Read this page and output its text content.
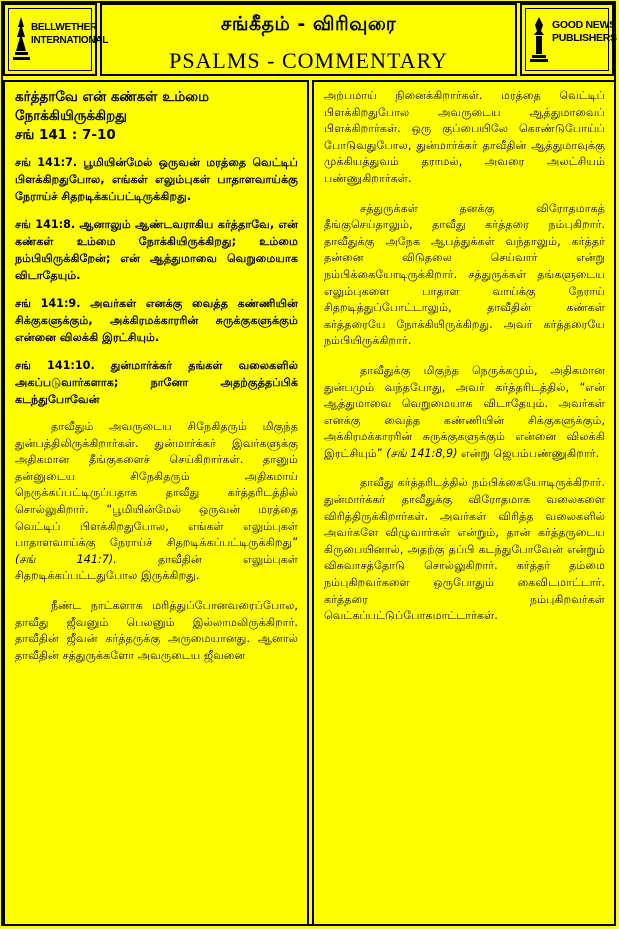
BELLWETHER
INTERNATIONAL
சங்கீதம் - விரிவுரை
PSALMS - COMMENTARY
GOOD NEWS
PUBLISHERS
கர்த்தாவே என் கண்கள் உம்மை
நோக்கியிருக்கிறது
சங் 141 : 7-10
சங் 141:7. பூமியின்மேல் ஒருவன் மரத்தை வெட்டிப் பிளக்கிறதுபோல, எங்கள் எலும்புகள் பாதாளவாய்க்கு நேராய்ச் சிதறடிக்கப்பட்டிருக்கிறது.
சங் 141:8. ஆனாலும் ஆண்டவராகிய கர்த்தாவே, என் கண்கள் உம்மை நோக்கியிருக்கிறது; உம்மை நம்பியிருக்கிறேன்; என் ஆத்துமாவை வெறுமையாக விடாதேயும்.
சங் 141:9. அவர்கள் எனக்கு வைத்த கண்ணியின் சிக்குகளுக்கும், அக்கிரமக்காரரின் சுருக்குகளுக்கும் என்னை விலக்கி இரட்சியும்.
சங் 141:10. துன்மார்க்கர் தங்கள் வலைகளில் அகப்படுவார்களாக; நானோ அதற்குத்தப்பிக் கடந்துபோவேன்

தாவீதும் அவருடைய சிநேகிதரும் மிகுந்த துன்பத்திலிருக்கிறார்கள். துன்மார்க்கர் இவர்களுக்கு அதிகமான தீங்குகளைச் செய்கிறார்கள். தானும் தன்னுடைய சிநேகிதரும் அதிகமாய் நெருக்கப்பட்டிருப்பதாக தாவீது கர்த்தரிடத்தில் சொல்லுகிறார். “பூமியின்மேல் ஒருவன் மரத்தை வெட்டிப் பிளக்கிறதுபோல, எங்கள் எலும்புகள் பாதாளவாய்க்கு நேராய்ச் சிதறடிக்கப்பட்டிருக்கிறது” (சங் 141:7).	தாவீதின் எலும்புகள் சிதறடிக்கப்பட்டதுபோல இருக்கிறது.

நீண்ட நாட்களாக மரித்துப்போனவரைப்போல, தாவீது ஜீவனும் பெலனும் இல்லாமலிருக்கிறார். தாவீதின் ஜீவன் கர்த்தருக்கு அருமையானது. ஆனால் தாவீதின் சத்துருக்களோ அவருடைய ஜீவனை

அற்பமாய் நினைக்கிறார்கள். மரத்தை வெட்டிப் பிளக்கிறதுபோல அவருடைய ஆத்துமாவைப் பிளக்கிறார்கள். ஒரு குப்பையிலே கொண்டுபோய்ப் போடுவதுபோல, துன்மார்க்கர் தாவீதின் ஆத்துமாவுக்கு முக்கியத்துவம் தராமல், அவரை அலட்சியம் பண்ணுகிறார்கள்.

சத்துருக்கள் தனக்கு விரோதமாகத் தீங்குசெய்தாலும், தாவீது கர்த்தரை நம்புகிறார். தாவீதுக்கு அநேக ஆபத்துக்கள் வந்தாலும், கர்த்தர் தன்னை விடுதலை செய்வார் என்று நம்பிக்கையோடிருக்கிறார். சத்துருக்கள் தங்களுடைய எலும்புகளை பாதாள வாய்க்கு நேராய் சிதறடித்துப்போட்டாலும், தாவீதின் கண்கள் கர்த்தரையே நோக்கியிருக்கிறது. அவர் கர்த்தரையே நம்பியிருக்கிறார்.

தாவீதுக்கு மிகுந்த நெருக்கமும், அதிகமான துன்பமும் வந்தபோது, அவர் கர்த்தரிடத்தில், “என் ஆத்துமாவை வெறுமையாக விடாதேயும். அவர்கள் எனக்கு வைத்த கண்ணியின் சிக்குகளுக்கும், அக்கிரமக்காரரின் சுருக்குகளுக்கும் என்னை விலக்கி இரட்சியும்” (சங் 141:8,9) என்று ஜெபம்பண்ணுகிறார்.

தாவீது கர்த்தரிடத்தில் நம்பிக்கையோடிருக்கிறார். துன்மார்க்கர் தாவீதுக்கு விரோதமாக வலைகளை விரித்திருக்கிறார்கள். அவர்கள் விரித்த வலைகளில் அவர்களே விழுவார்கள் என்றும், தான் கர்த்தருடைய கிருபையினால், அதற்கு தப்பி கடந்துபோவேன் என்றும் விசுவாசத்தோடு சொல்லுகிறார். கர்த்தர் தம்மை நம்புகிறவர்களை ஒருபோதும் கைவிடமாட்டார். கர்த்தரை நம்புகிறவர்கள் வெட்கப்பட்டுப்போகமாட்டார்கள்.
